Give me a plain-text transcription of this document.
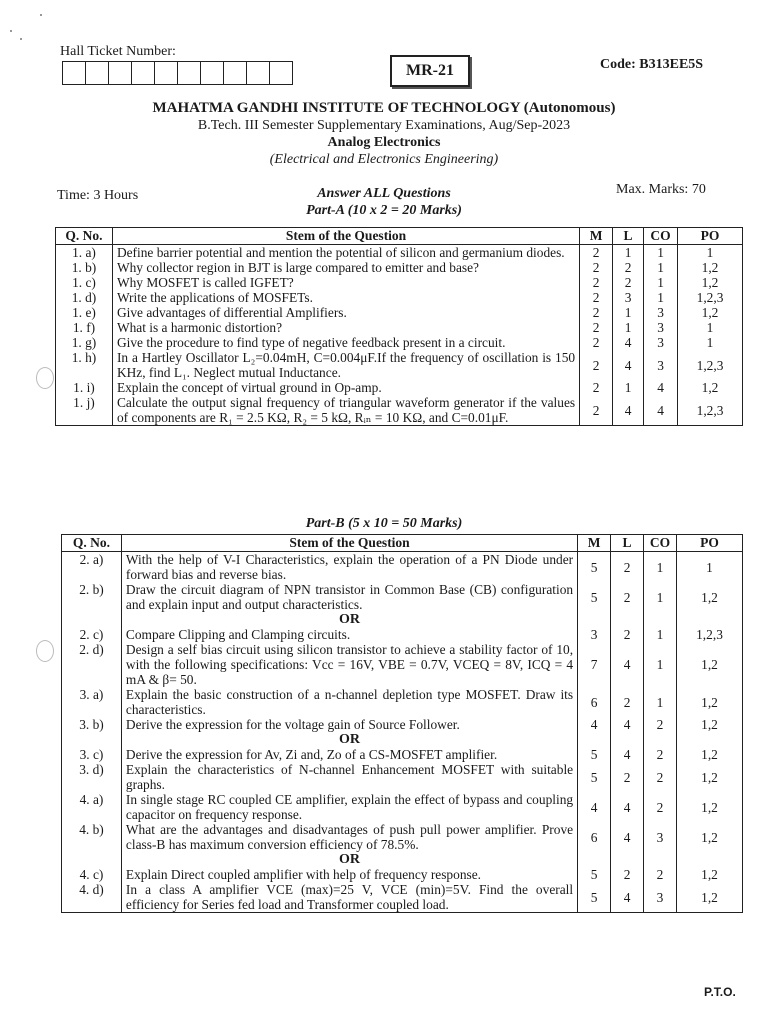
Hall Ticket Number:
MR-21	Code: B313EE5S
MAHATMA GANDHI INSTITUTE OF TECHNOLOGY (Autonomous)
B.Tech. III Semester Supplementary Examinations, Aug/Sep-2023
Analog Electronics
(Electrical and Electronics Engineering)
Answer ALL Questions
Time: 3 Hours	Max. Marks: 70
Part-A (10 x 2 = 20 Marks)
Q. No.	Stem of the Question	M	L	CO	PO
1. a)	Define barrier potential and mention the potential of silicon and germanium diodes.	2	1	1	1
1. b)	Why collector region in BJT is large compared to emitter and base?	2	2	1	1,2
1. c)	Why MOSFET is called IGFET?	2	2	1	1,2
1. d)	Write the applications of MOSFETs.	2	3	1	1,2,3
1. e)	Give advantages of differential Amplifiers.	2	1	3	1,2
1. f)	What is a harmonic distortion?	2	1	3	1
1. g)	Give the procedure to find type of negative feedback present in a circuit.	2	4	3	1
1. h)	In a Hartley Oscillator L₂=0.04mH, C=0.004μF.If the frequency of oscillation is 150 KHz, find L₁. Neglect mutual Inductance.	2	4	3	1,2,3
1. i)	Explain the concept of virtual ground in Op-amp.	2	1	4	1,2
1. j)	Calculate the output signal frequency of triangular waveform generator if the values of components are R₁ = 2.5 KΩ, R₂ = 5 kΩ, Rᵢₙ = 10 KΩ, and C=0.01μF.	2	4	4	1,2,3
Part-B (5 x 10 = 50 Marks)
Q. No.	Stem of the Question	M	L	CO	PO
2. a)	With the help of V-I Characteristics, explain the operation of a PN Diode under forward bias and reverse bias.	5	2	1	1
2. b)	Draw the circuit diagram of NPN transistor in Common Base (CB) configuration and explain input and output characteristics.	5	2	1	1,2
	OR				
2. c)	Compare Clipping and Clamping circuits.	3	2	1	1,2,3
2. d)	Design a self bias circuit using silicon transistor to achieve a stability factor of 10, with the following specifications: Vcc = 16V, VBE = 0.7V, VCEQ = 8V, ICQ = 4 mA & β= 50.	7	4	1	1,2
3. a)	Explain the basic construction of a n-channel depletion type MOSFET. Draw its characteristics.	6	2	1	1,2
3. b)	Derive the expression for the voltage gain of Source Follower.	4	4	2	1,2
	OR				
3. c)	Derive the expression for Av, Zi and, Zo of a CS-MOSFET amplifier.	5	4	2	1,2
3. d)	Explain the characteristics of N-channel Enhancement MOSFET with suitable graphs.	5	2	2	1,2
4. a)	In single stage RC coupled CE amplifier, explain the effect of bypass and coupling capacitor on frequency response.	4	4	2	1,2
4. b)	What are the advantages and disadvantages of push pull power amplifier. Prove class-B has maximum conversion efficiency of 78.5%.	6	4	3	1,2
	OR				
4. c)	Explain Direct coupled amplifier with help of frequency response.	5	2	2	1,2
4. d)	In a class A amplifier VCE (max)=25 V, VCE (min)=5V. Find the overall efficiency for Series fed load and Transformer coupled load.	5	4	3	1,2
P.T.O.
